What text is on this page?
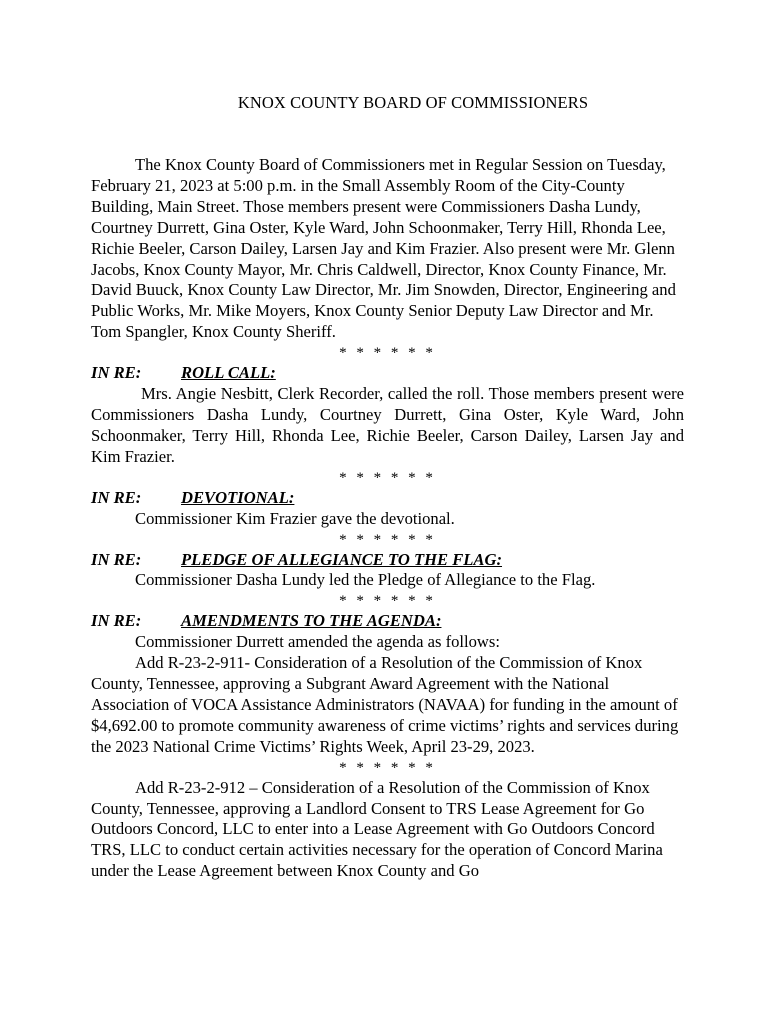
KNOX COUNTY BOARD OF COMMISSIONERS

The Knox County Board of Commissioners met in Regular Session on Tuesday, February 21, 2023 at 5:00 p.m. in the Small Assembly Room of the City-County Building, Main Street. Those members present were Commissioners Dasha Lundy, Courtney Durrett, Gina Oster, Kyle Ward, John Schoonmaker, Terry Hill, Rhonda Lee, Richie Beeler, Carson Dailey, Larsen Jay and Kim Frazier. Also present were Mr. Glenn Jacobs, Knox County Mayor, Mr. Chris Caldwell, Director, Knox County Finance, Mr. David Buuck, Knox County Law Director, Mr. Jim Snowden, Director, Engineering and Public Works, Mr. Mike Moyers, Knox County Senior Deputy Law Director and Mr. Tom Spangler, Knox County Sheriff.

* * * * * *

IN RE: ROLL CALL:

Mrs. Angie Nesbitt, Clerk Recorder, called the roll. Those members present were Commissioners Dasha Lundy, Courtney Durrett, Gina Oster, Kyle Ward, John Schoonmaker, Terry Hill, Rhonda Lee, Richie Beeler, Carson Dailey, Larsen Jay and Kim Frazier.

* * * * * *

IN RE: DEVOTIONAL:

Commissioner Kim Frazier gave the devotional.

* * * * * *

IN RE: PLEDGE OF ALLEGIANCE TO THE FLAG:

Commissioner Dasha Lundy led the Pledge of Allegiance to the Flag.

* * * * * *

IN RE: AMENDMENTS TO THE AGENDA:

Commissioner Durrett amended the agenda as follows:

Add R-23-2-911- Consideration of a Resolution of the Commission of Knox County, Tennessee, approving a Subgrant Award Agreement with the National Association of VOCA Assistance Administrators (NAVAA) for funding in the amount of $4,692.00 to promote community awareness of crime victims’ rights and services during the 2023 National Crime Victims’ Rights Week, April 23-29, 2023.

* * * * * *

Add R-23-2-912 – Consideration of a Resolution of the Commission of Knox County, Tennessee, approving a Landlord Consent to TRS Lease Agreement for Go Outdoors Concord, LLC to enter into a Lease Agreement with Go Outdoors Concord TRS, LLC to conduct certain activities necessary for the operation of Concord Marina under the Lease Agreement between Knox County and Go
